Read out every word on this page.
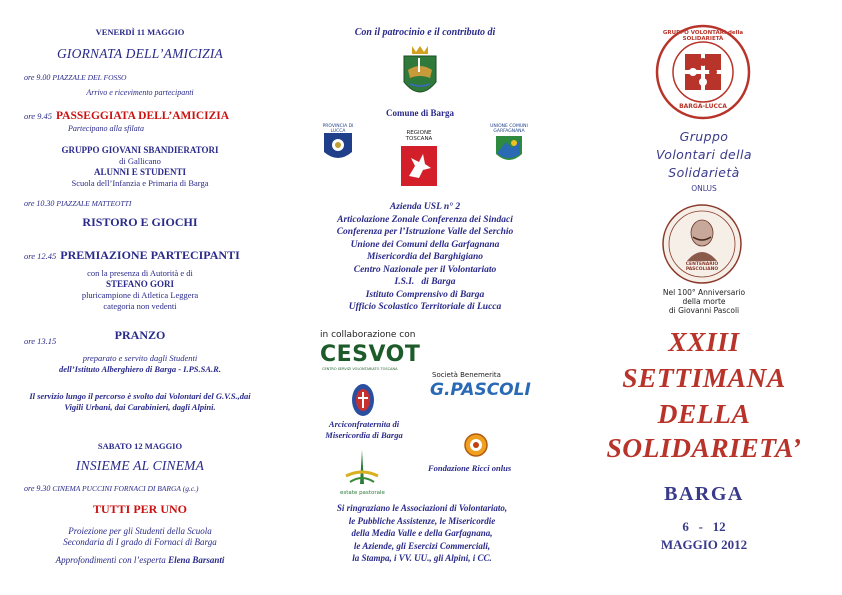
VENERDÌ 11 MAGGIO
GIORNATA DELL’AMICIZIA
ore 9.00 PIAZZALE DEL FOSSO
Arrivo e ricevimento partecipanti
ore 9.45 PASSEGGIATA DELL’AMICIZIA
Partecipano alla sfilata
GRUPPO GIOVANI SBANDIERATORI
di Gallicano
ALUNNI E STUDENTI
Scuola dell’Infanzia e Primaria di Barga
ore 10.30 PIAZZALE MATTEOTTI
RISTORO E GIOCHI
ore 12.45 PREMIAZIONE PARTECIPANTI
con la presenza di Autorità e di
STEFANO GORI
pluricampione di Atletica Leggera
categoria non vedenti
ore 13.15	PRANZO
preparato e servito dagli Studenti
dell’Istituto Alberghiero di Barga - I.PS.SA.R.
Il servizio lungo il percorso è svolto dai Volontari del G.V.S.,dai Vigili Urbani, dai Carabinieri, dagli Alpini.
SABATO 12 MAGGIO
INSIEME AL CINEMA
ore 9.30 CINEMA PUCCINI FORNACI DI BARGA (g.c.)
TUTTI PER UNO
Proiezione per gli Studenti della Scuola
Secondaria di I grado di Fornaci di Barga
Approfondimenti con l’esperta Elena Barsanti
Con il patrocinio e il contributo di
Comune di Barga
PROVINCIA DI LUCCA	REGIONE TOSCANA
UNIONE COMUNI GARFAGNANA
Azienda USL n° 2
Articolazione Zonale Conferenza dei Sindaci
Conferenza per l’Istruzione Valle del Serchio
Unione dei Comuni della Garfagnana
Misericordia del Barghigiano
Centro Nazionale per il Volontariato
I.S.I.   di Barga
Istituto Comprensivo di Barga
Ufficio Scolastico Territoriale di Lucca
in collaborazione con
CESVOT
CENTRO SERVIZI VOLONTARIATO TOSCANA
Società Benemerita
G.PASCOLI
Arciconfraternita di Misericordia di Barga
Fondazione Ricci onlus
estate pastorale
Si ringraziano le Associazioni di Volontariato,
le Pubbliche Assistenze, le Misericordie
della Media Valle e della Garfagnana,
le Aziende, gli Esercizi Commerciali,
la Stampa, i VV. UU., gli Alpini, i CC.
GRUPPO VOLONTARI della SOLIDARIETÀ
BARGA-LUCCA
Gruppo
Volontari della
Solidarietà
ONLUS
CENTENARIO PASCOLIANO
Nel 100° Anniversario
della morte
di Giovanni Pascoli
XXIII
SETTIMANA
DELLA
SOLIDARIETA’
BARGA
6   -   12
MAGGIO 2012
